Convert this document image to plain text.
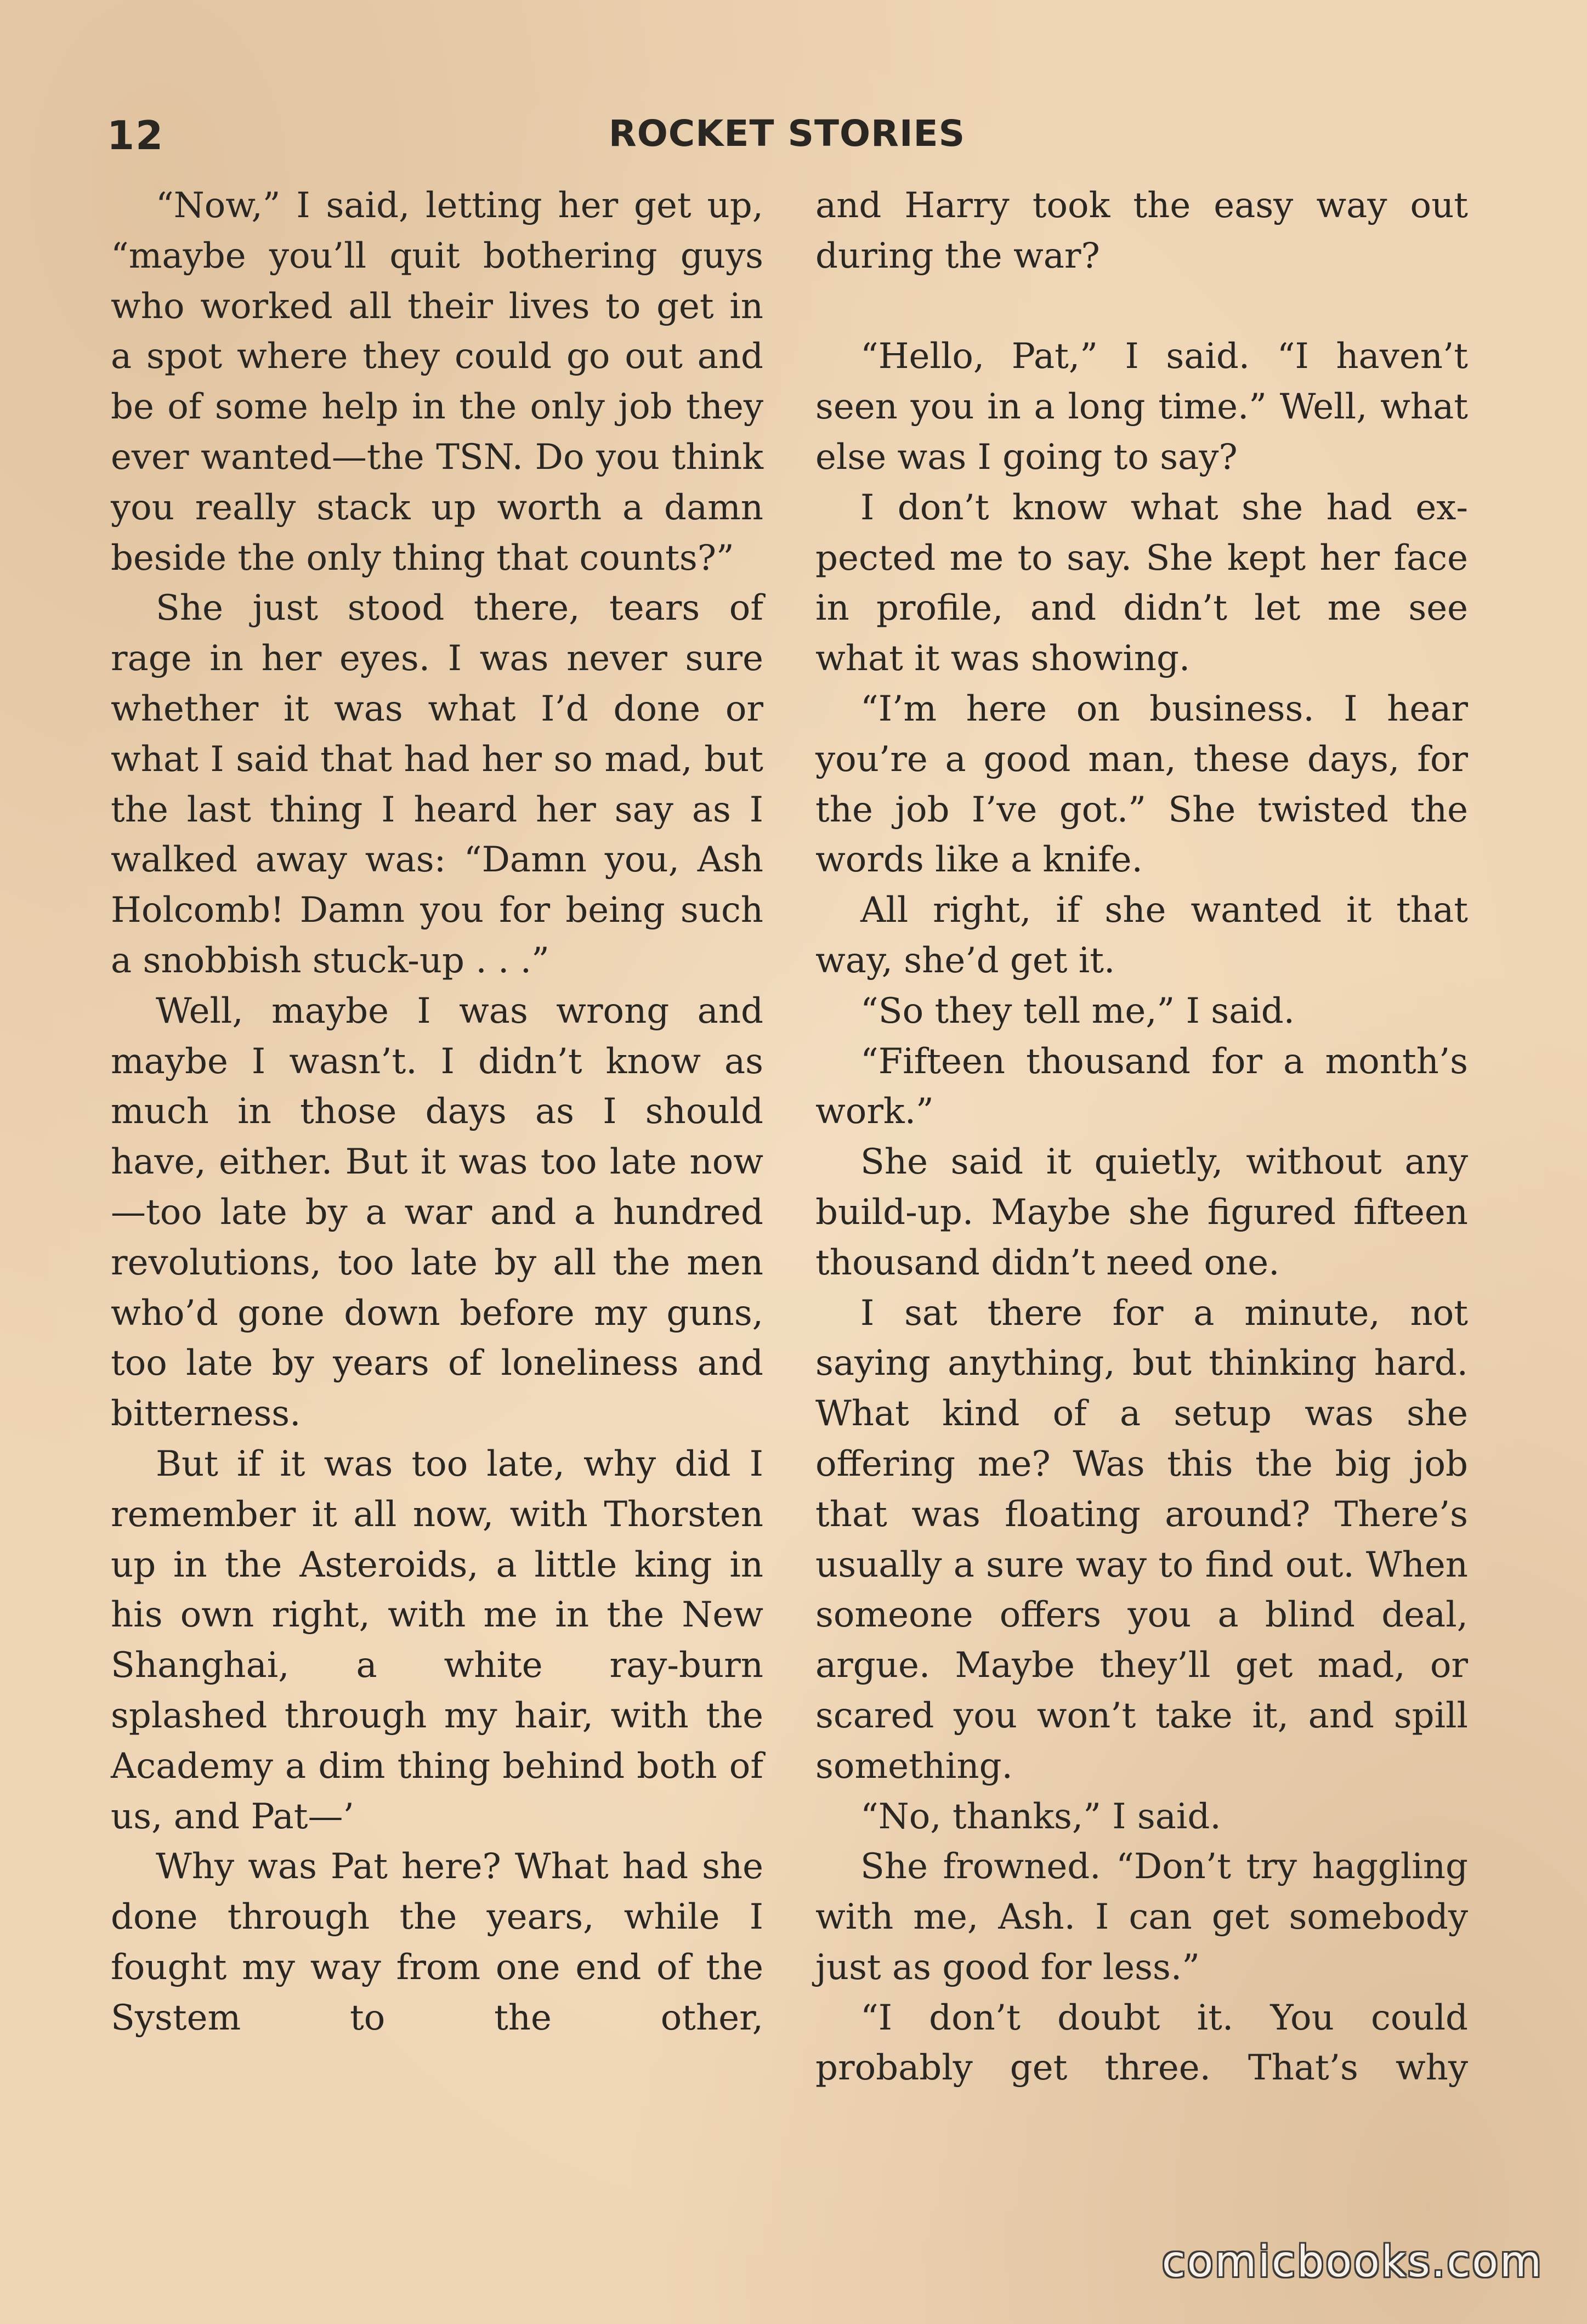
12	ROCKET STORIES

“Now,” I said, letting her get up, “maybe you’ll quit bothering guys who worked all their lives to get in a spot where they could go out and be of some help in the only job they ever wanted—the TSN. Do you think you really stack up worth a damn beside the only thing that counts?”

She just stood there, tears of rage in her eyes. I was never sure whether it was what I’d done or what I said that had her so mad, but the last thing I heard her say as I walked away was: “Damn you, Ash Holcomb! Damn you for being such a snobbish stuck-up . . .”

Well, maybe I was wrong and maybe I wasn’t. I didn’t know as much in those days as I should have, either. But it was too late now—too late by a war and a hundred revolutions, too late by all the men who’d gone down before my guns, too late by years of loneliness and bitterness.

But if it was too late, why did I remember it all now, with Thorsten up in the Asteroids, a little king in his own right, with me in the New Shanghai, a white ray-burn splashed through my hair, with the Academy a dim thing behind both of us, and Pat—’

Why was Pat here? What had she done through the years, while I fought my way from one end of the System to the other,

and Harry took the easy way out during the war?

“Hello, Pat,” I said. “I haven’t seen you in a long time.” Well, what else was I going to say?

I don’t know what she had expected me to say. She kept her face in profile, and didn’t let me see what it was showing.

“I’m here on business. I hear you’re a good man, these days, for the job I’ve got.” She twisted the words like a knife.

All right, if she wanted it that way, she’d get it.

“So they tell me,” I said.

“Fifteen thousand for a month’s work.”

She said it quietly, without any build-up. Maybe she figured fifteen thousand didn’t need one.

I sat there for a minute, not saying anything, but thinking hard. What kind of a setup was she offering me? Was this the big job that was floating around? There’s usually a sure way to find out. When someone offers you a blind deal, argue. Maybe they’ll get mad, or scared you won’t take it, and spill something.

“No, thanks,” I said.

She frowned. “Don’t try haggling with me, Ash. I can get somebody just as good for less.”

“I don’t doubt it. You could probably get three. That’s why

comicbooks.com
